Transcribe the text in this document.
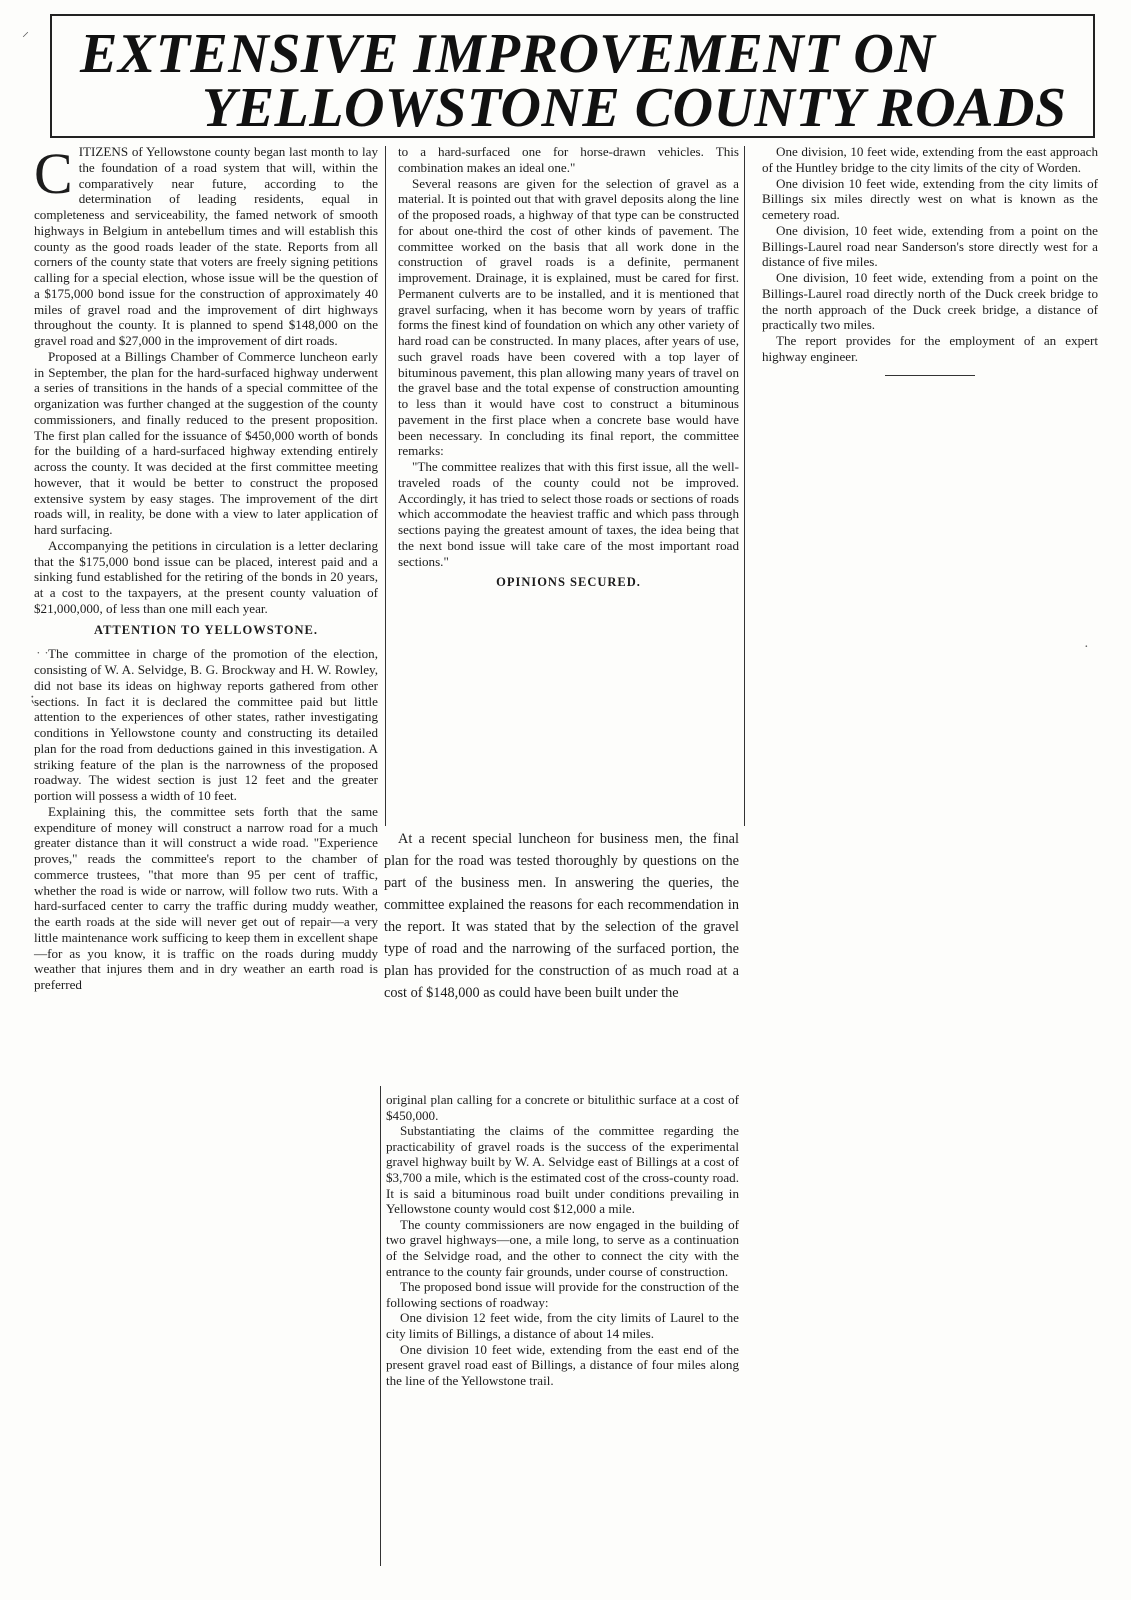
⸝
˙ ˙
⁏
·
EXTENSIVE IMPROVEMENT ON
YELLOWSTONE COUNTY ROADS

CITIZENS of Yellowstone county began last month to lay the foundation of a road system that will, within the comparatively near future, according to the determination of leading residents, equal in completeness and serviceability, the famed network of smooth highways in Belgium in antebellum times and will establish this county as the good roads leader of the state. Reports from all corners of the county state that voters are freely signing petitions calling for a special election, whose issue will be the question of a $175,000 bond issue for the construction of approximately 40 miles of gravel road and the improvement of dirt highways throughout the county. It is planned to spend $148,000 on the gravel road and $27,000 in the improvement of dirt roads.

Proposed at a Billings Chamber of Commerce luncheon early in September, the plan for the hard-surfaced highway underwent a series of transitions in the hands of a special committee of the organization was further changed at the suggestion of the county commissioners, and finally reduced to the present proposition. The first plan called for the issuance of $450,000 worth of bonds for the building of a hard-surfaced highway extending entirely across the county. It was decided at the first committee meeting however, that it would be better to construct the proposed extensive system by easy stages. The improvement of the dirt roads will, in reality, be done with a view to later application of hard surfacing.

Accompanying the petitions in circulation is a letter declaring that the $175,000 bond issue can be placed, interest paid and a sinking fund established for the retiring of the bonds in 20 years, at a cost to the taxpayers, at the present county valuation of $21,000,000, of less than one mill each year.

ATTENTION TO YELLOWSTONE.

The committee in charge of the promotion of the election, consisting of W. A. Selvidge, B. G. Brockway and H. W. Rowley, did not base its ideas on highway reports gathered from other sections. In fact it is declared the committee paid but little attention to the experiences of other states, rather investigating conditions in Yellowstone county and constructing its detailed plan for the road from deductions gained in this investigation. A striking feature of the plan is the narrowness of the proposed roadway. The widest section is just 12 feet and the greater portion will possess a width of 10 feet.

Explaining this, the committee sets forth that the same expenditure of money will construct a narrow road for a much greater distance than it will construct a wide road. "Experience proves," reads the committee's report to the chamber of commerce trustees, "that more than 95 per cent of traffic, whether the road is wide or narrow, will follow two ruts. With a hard-surfaced center to carry the traffic during muddy weather, the earth roads at the side will never get out of repair—a very little maintenance work sufficing to keep them in excellent shape—for as you know, it is traffic on the roads during muddy weather that injures them and in dry weather an earth road is preferred

to a hard-surfaced one for horse-drawn vehicles. This combination makes an ideal one."

Several reasons are given for the selection of gravel as a material. It is pointed out that with gravel deposits along the line of the proposed roads, a highway of that type can be constructed for about one-third the cost of other kinds of pavement. The committee worked on the basis that all work done in the construction of gravel roads is a definite, permanent improvement. Drainage, it is explained, must be cared for first. Permanent culverts are to be installed, and it is mentioned that gravel surfacing, when it has become worn by years of traffic forms the finest kind of foundation on which any other variety of hard road can be constructed. In many places, after years of use, such gravel roads have been covered with a top layer of bituminous pavement, this plan allowing many years of travel on the gravel base and the total expense of construction amounting to less than it would have cost to construct a bituminous pavement in the first place when a concrete base would have been necessary. In concluding its final report, the committee remarks:

"The committee realizes that with this first issue, all the well-traveled roads of the county could not be improved. Accordingly, it has tried to select those roads or sections of roads which accommodate the heaviest traffic and which pass through sections paying the greatest amount of taxes, the idea being that the next bond issue will take care of the most important road sections."

OPINIONS SECURED.

At a recent special luncheon for business men, the final plan for the road was tested thoroughly by questions on the part of the business men. In answering the queries, the committee explained the reasons for each recommendation in the report. It was stated that by the selection of the gravel type of road and the narrowing of the surfaced portion, the plan has provided for the construction of as much road at a cost of $148,000 as could have been built under the

original plan calling for a concrete or bitulithic surface at a cost of $450,000.

Substantiating the claims of the committee regarding the practicability of gravel roads is the success of the experimental gravel highway built by W. A. Selvidge east of Billings at a cost of $3,700 a mile, which is the estimated cost of the cross-county road. It is said a bituminous road built under conditions prevailing in Yellowstone county would cost $12,000 a mile.

The county commissioners are now engaged in the building of two gravel highways—one, a mile long, to serve as a continuation of the Selvidge road, and the other to connect the city with the entrance to the county fair grounds, under course of construction.

The proposed bond issue will provide for the construction of the following sections of roadway:

One division 12 feet wide, from the city limits of Laurel to the city limits of Billings, a distance of about 14 miles.

One division 10 feet wide, extending from the east end of the present gravel road east of Billings, a distance of four miles along the line of the Yellowstone trail.

One division, 10 feet wide, extending from the east approach of the Huntley bridge to the city limits of the city of Worden.

One division 10 feet wide, extending from the city limits of Billings six miles directly west on what is known as the cemetery road.

One division, 10 feet wide, extending from a point on the Billings-Laurel road near Sanderson's store directly west for a distance of five miles.

One division, 10 feet wide, extending from a point on the Billings-Laurel road directly north of the Duck creek bridge to the north approach of the Duck creek bridge, a distance of practically two miles.

The report provides for the employment of an expert highway engineer.
